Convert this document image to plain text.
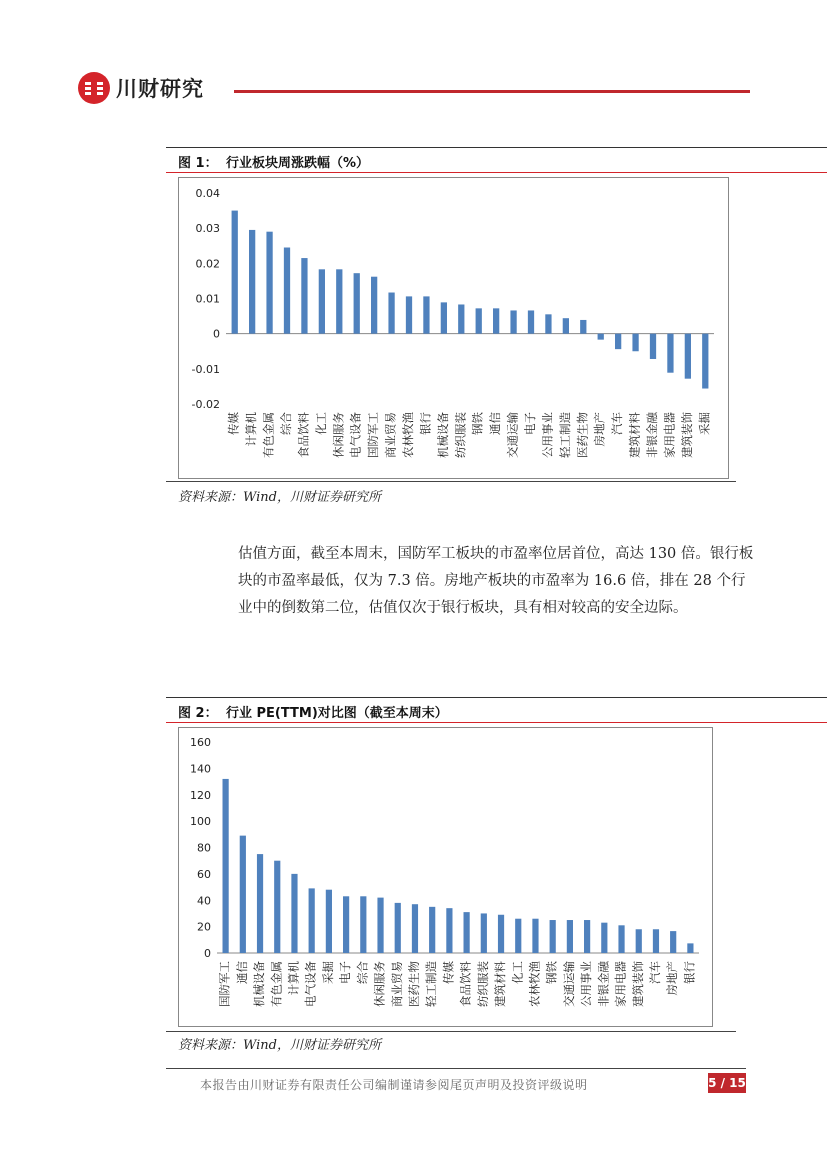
川财研究
图 1： 行业板块周涨跌幅（%）
0.04
0.03
0.02
0.01
0
-0.01
-0.02
传媒 计算机 有色金属 综合 食品饮料 化工 休闲服务 电气设备 国防军工 商业贸易 农林牧渔 银行 机械设备 纺织服装 钢铁 通信 交通运输 电子 公用事业 轻工制造 医药生物 房地产 汽车 建筑材料 非银金融 家用电器 建筑装饰 采掘
资料来源：Wind，川财证券研究所
估值方面，截至本周末，国防军工板块的市盈率位居首位，高达 130 倍。银行板块的市盈率最低，仅为 7.3 倍。房地产板块的市盈率为 16.6 倍，排在 28 个行业中的倒数第二位，估值仅次于银行板块，具有相对较高的安全边际。
图 2： 行业 PE(TTM)对比图（截至本周末）
160
140
120
100
80
60
40
20
0
国防军工 通信 机械设备 有色金属 计算机 电气设备 采掘 电子 综合 休闲服务 商业贸易 医药生物 轻工制造 传媒 食品饮料 纺织服装 建筑材料 化工 农林牧渔 钢铁 交通运输 公用事业 非银金融 家用电器 建筑装饰 汽车 房地产 银行
资料来源：Wind，川财证券研究所
本报告由川财证券有限责任公司编制谨请参阅尾页声明及投资评级说明	5 / 15
